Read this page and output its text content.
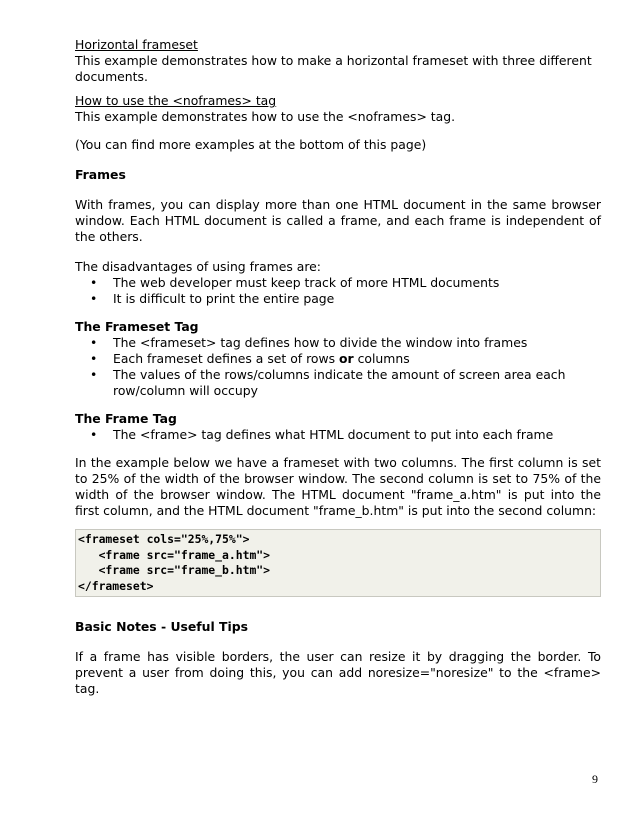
Horizontal frameset

This example demonstrates how to make a horizontal frameset with three different documents.

How to use the <noframes> tag

This example demonstrates how to use the <noframes> tag.

(You can find more examples at the bottom of this page)

Frames

With frames, you can display more than one HTML document in the same browser window. Each HTML document is called a frame, and each frame is independent of the others.

The disadvantages of using frames are:

• The web developer must keep track of more HTML documents
• It is difficult to print the entire page

The Frameset Tag

• The <frameset> tag defines how to divide the window into frames
• Each frameset defines a set of rows or columns
• The values of the rows/columns indicate the amount of screen area each row/column will occupy

The Frame Tag

• The <frame> tag defines what HTML document to put into each frame

In the example below we have a frameset with two columns. The first column is set to 25% of the width of the browser window. The second column is set to 75% of the width of the browser window. The HTML document "frame_a.htm" is put into the first column, and the HTML document "frame_b.htm" is put into the second column:

<frameset cols="25%,75%">
<frame src="frame_a.htm">
<frame src="frame_b.htm">
</frameset>

Basic Notes - Useful Tips

If a frame has visible borders, the user can resize it by dragging the border. To prevent a user from doing this, you can add noresize="noresize" to the <frame> tag.

9
